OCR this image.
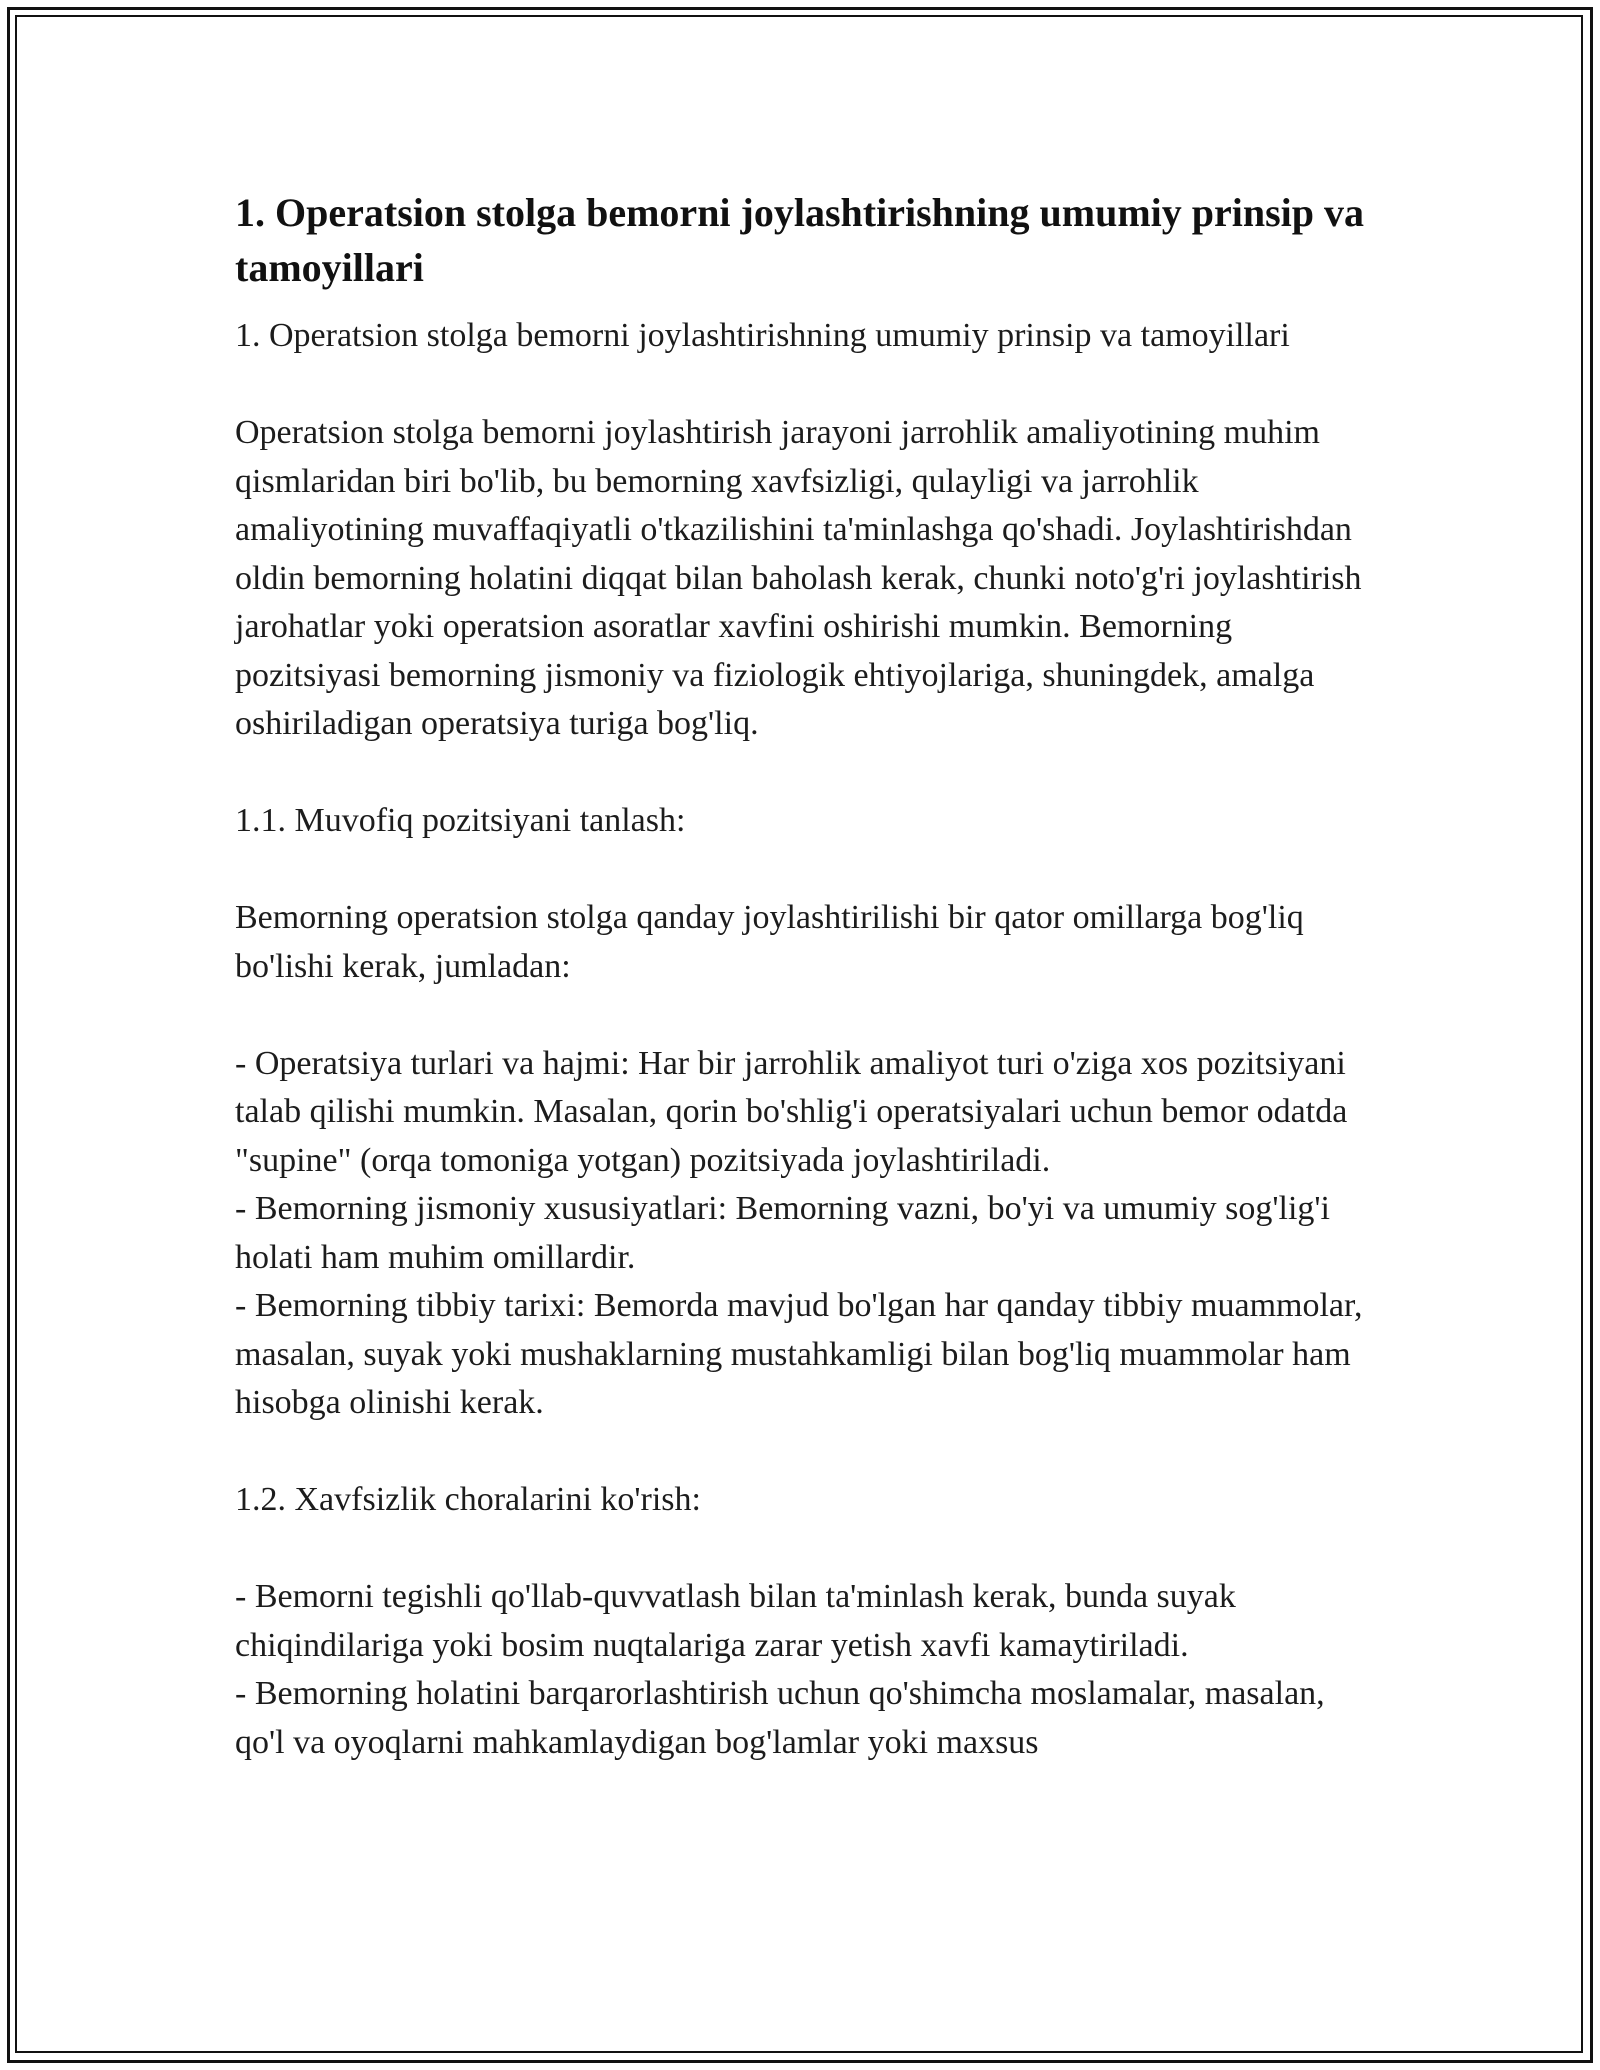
1. Operatsion stolga bemorni joylashtirishning umumiy prinsip va tamoyillari

1. Operatsion stolga bemorni joylashtirishning umumiy prinsip va tamoyillari

Operatsion stolga bemorni joylashtirish jarayoni jarrohlik amaliyotining muhim qismlaridan biri bo'lib, bu bemorning xavfsizligi, qulayligi va jarrohlik amaliyotining muvaffaqiyatli o'tkazilishini ta'minlashga qo'shadi. Joylashtirishdan oldin bemorning holatini diqqat bilan baholash kerak, chunki noto'g'ri joylashtirish jarohatlar yoki operatsion asoratlar xavfini oshirishi mumkin. Bemorning pozitsiyasi bemorning jismoniy va fiziologik ehtiyojlariga, shuningdek, amalga oshiriladigan operatsiya turiga bog'liq.

1.1. Muvofiq pozitsiyani tanlash:

Bemorning operatsion stolga qanday joylashtirilishi bir qator omillarga bog'liq bo'lishi kerak, jumladan:

- Operatsiya turlari va hajmi: Har bir jarrohlik amaliyot turi o'ziga xos pozitsiyani talab qilishi mumkin. Masalan, qorin bo'shlig'i operatsiyalari uchun bemor odatda "supine" (orqa tomoniga yotgan) pozitsiyada joylashtiriladi.

- Bemorning jismoniy xususiyatlari: Bemorning vazni, bo'yi va umumiy sog'lig'i holati ham muhim omillardir.

- Bemorning tibbiy tarixi: Bemorda mavjud bo'lgan har qanday tibbiy muammolar, masalan, suyak yoki mushaklarning mustahkamligi bilan bog'liq muammolar ham hisobga olinishi kerak.

1.2. Xavfsizlik choralarini ko'rish:

- Bemorni tegishli qo'llab-quvvatlash bilan ta'minlash kerak, bunda suyak chiqindilariga yoki bosim nuqtalariga zarar yetish xavfi kamaytiriladi.

- Bemorning holatini barqarorlashtirish uchun qo'shimcha moslamalar, masalan, qo'l va oyoqlarni mahkamlaydigan bog'lamlar yoki maxsus
